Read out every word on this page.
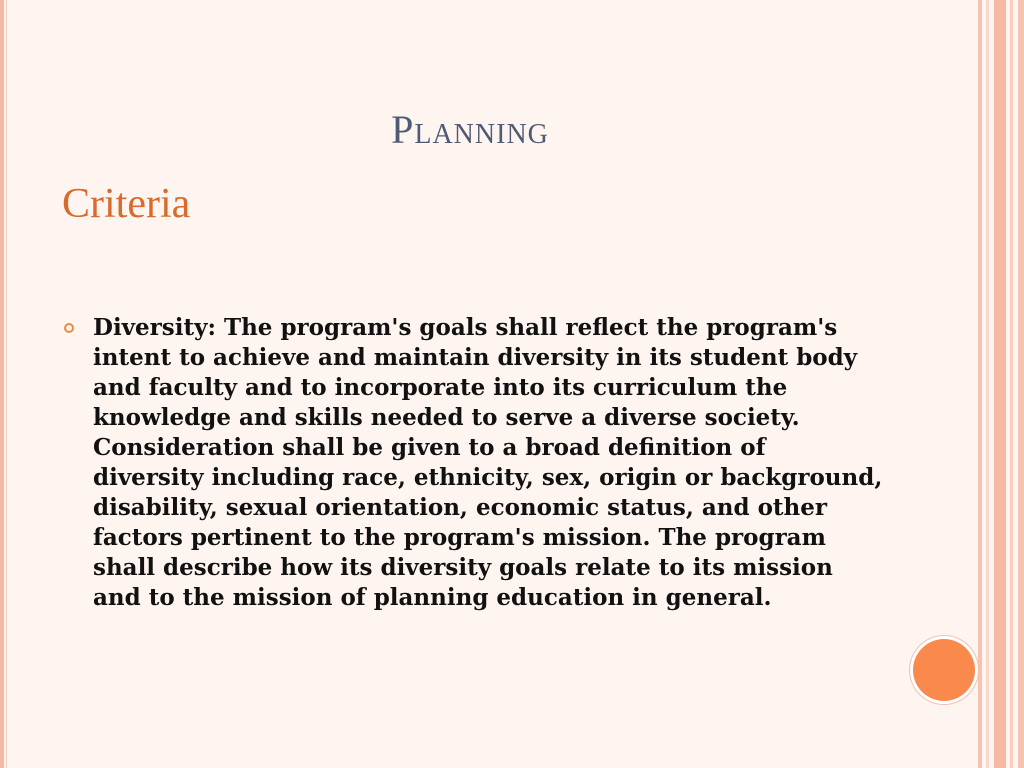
Planning
Criteria

Diversity: The program's goals shall reflect the program's intent to achieve and maintain diversity in its student body and faculty and to incorporate into its curriculum the knowledge and skills needed to serve a diverse society. Consideration shall be given to a broad definition of diversity including race, ethnicity, sex, origin or background, disability, sexual orientation, economic status, and other factors pertinent to the program's mission. The program shall describe how its diversity goals relate to its mission and to the mission of planning education in general.
